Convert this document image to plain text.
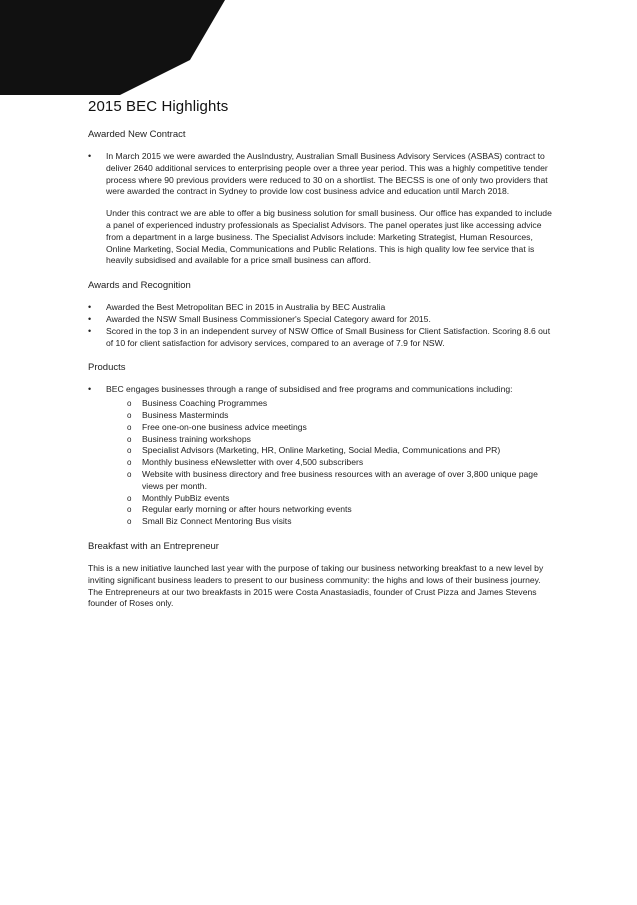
2015 BEC Highlights
Awarded New Contract
• In March 2015 we were awarded the AusIndustry, Australian Small Business Advisory Services (ASBAS) contract to deliver 2640 additional services to enterprising people over a three year period. This was a highly competitive tender process where 90 previous providers were reduced to 30 on a shortlist. The BECSS is one of only two providers that were awarded the contract in Sydney to provide low cost business advice and education until March 2018.

Under this contract we are able to offer a big business solution for small business. Our office has expanded to include a panel of experienced industry professionals as Specialist Advisors. The panel operates just like accessing advice from a department in a large business. The Specialist Advisors include: Marketing Strategist, Human Resources, Online Marketing, Social Media, Communications and Public Relations. This is high quality low fee service that is heavily subsidised and available for a price small business can afford.

Awards and Recognition
• Awarded the Best Metropolitan BEC in 2015 in Australia by BEC Australia
• Awarded the NSW Small Business Commissioner's Special Category award for 2015.
• Scored in the top 3 in an independent survey of NSW Office of Small Business for Client Satisfaction. Scoring 8.6 out of 10 for client satisfaction for advisory services, compared to an average of 7.9 for NSW.
Products
• BEC engages businesses through a range of subsidised and free programs and communications including:
o Business Coaching Programmes
o Business Masterminds
o Free one-on-one business advice meetings
o Business training workshops
o Specialist Advisors (Marketing, HR, Online Marketing, Social Media, Communications and PR)
o Monthly business eNewsletter with over 4,500 subscribers
o Website with business directory and free business resources with an average of over 3,800 unique page views per month.
o Monthly PubBiz events
o Regular early morning or after hours networking events
o Small Biz Connect Mentoring Bus visits
Breakfast with an Entrepreneur

This is a new initiative launched last year with the purpose of taking our business networking breakfast to a new level by inviting significant business leaders to present to our business community: the highs and lows of their business journey. The Entrepreneurs at our two breakfasts in 2015 were Costa Anastasiadis, founder of Crust Pizza and James Stevens founder of Roses only.
